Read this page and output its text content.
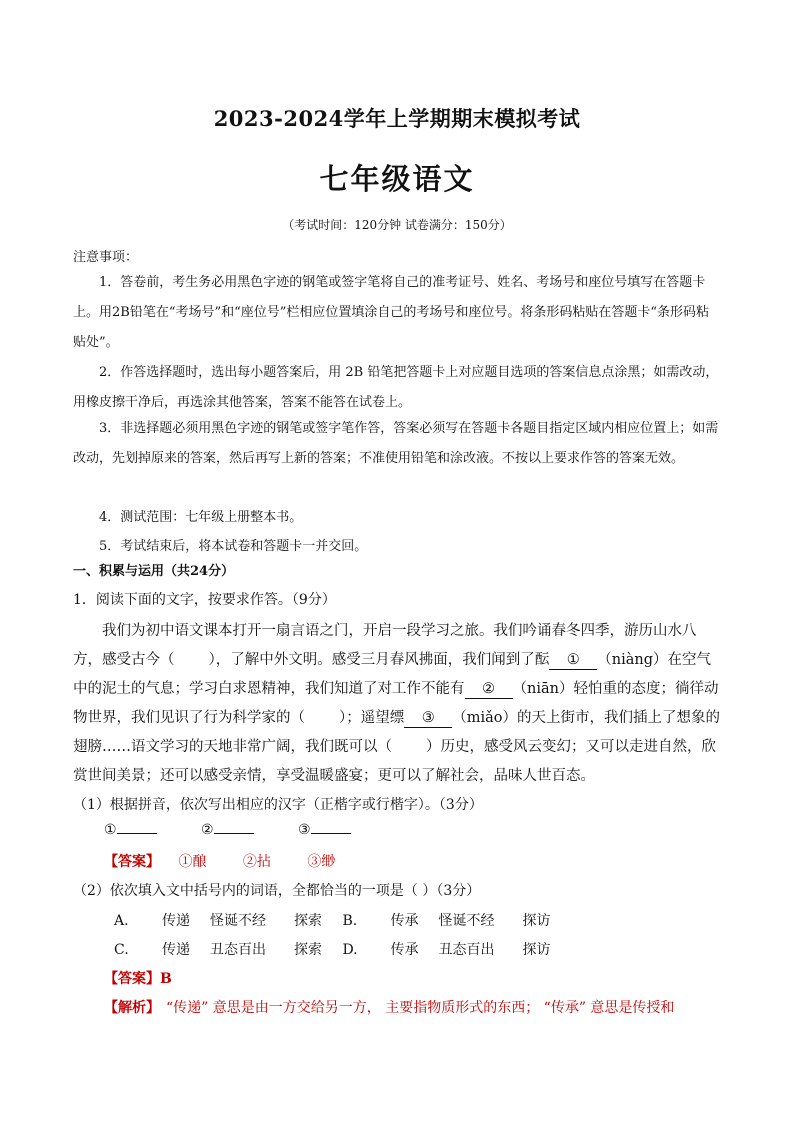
2023-2024学年上学期期末模拟考试
七年级语文
（考试时间：120分钟 试卷满分：150分）
注意事项：
1．答卷前，考生务必用黑色字迹的钢笔或签字笔将自己的准考证号、姓名、考场号和座位号填写在答题卡上。用2B铅笔在“考场号”和“座位号”栏相应位置填涂自己的考场号和座位号。将条形码粘贴在答题卡“条形码粘贴处”。
2．作答选择题时，选出每小题答案后，用 2B 铅笔把答题卡上对应题目选项的答案信息点涂黑；如需改动，用橡皮擦干净后，再选涂其他答案，答案不能答在试卷上。
3．非选择题必须用黑色字迹的钢笔或签字笔作答，答案必须写在答题卡各题目指定区域内相应位置上；如需改动，先划掉原来的答案，然后再写上新的答案；不准使用铅笔和涂改液。不按以上要求作答的答案无效。
4．测试范围：七年级上册整本书。
5．考试结束后，将本试卷和答题卡一并交回。
一、积累与运用（共24分）
1．阅读下面的文字，按要求作答。（9分）
我们为初中语文课本打开一扇言语之门，开启一段学习之旅。我们吟诵春冬四季，游历山水八方，感受古今（ ），了解中外文明。感受三月春风拂面，我们闻到了酝 ① （niàng）在空气中的泥土的气息；学习白求恩精神，我们知道了对工作不能有 ② （niān）轻怕重的态度；徜徉动物世界，我们见识了行为科学家的（ ）；遥望缥 ③ （miǎo）的天上街市，我们插上了想象的翅膀……语文学习的天地非常广阔，我们既可以（ ）历史，感受风云变幻；又可以走进自然，欣赏世间美景；还可以感受亲情，享受温暖盛宴；更可以了解社会，品味人世百态。
（1）根据拼音，依次写出相应的汉字（正楷字或行楷字）。（3分）
①	②	③
【答案】 ①酿	②拈	③缈
（2）依次填入文中括号内的词语，全都恰当的一项是（ ）（3分）
A. 传递 怪诞不经 探索 B. 传承 怪诞不经 探访
C. 传递 丑态百出 探索 D. 传承 丑态百出 探访
【答案】B
【解析】 “传递” 意思是由一方交给另一方， 主要指物质形式的东西； “传承” 意思是传授和
